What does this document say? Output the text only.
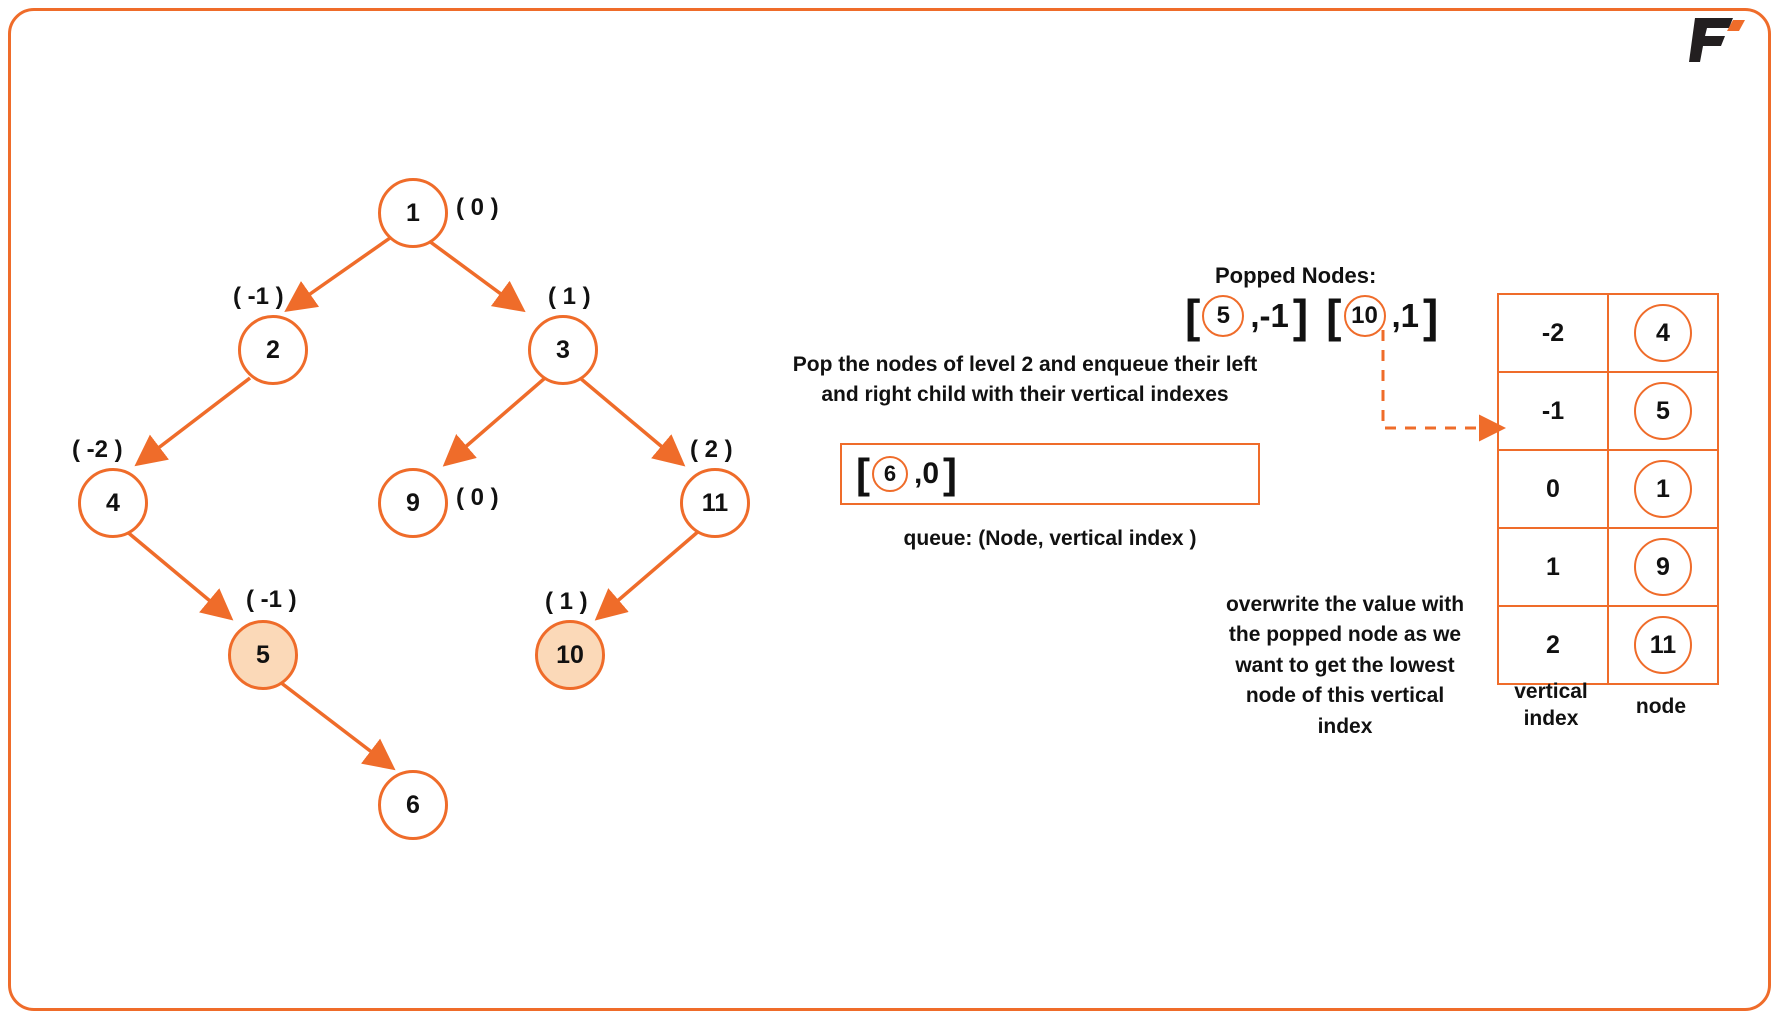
1 ( 0 )
2
( -1 )
3
( 1 )
4
( -2 )
9 ( 0 )	11
( 2 )
5
( -1 )
10
( 1 )
6
Pop the nodes of level 2 and enqueue their left and right child with their vertical indexes
[ 6 ,0 ]
queue: (Node, vertical index )
Popped Nodes:
[ 5 ,-1 ] [ 10 ,1 ]	-2	4
-1	5
0	1
1	9
2	11
vertical
index
node
overwrite the value with the popped node as we want to get the lowest node of this vertical index
